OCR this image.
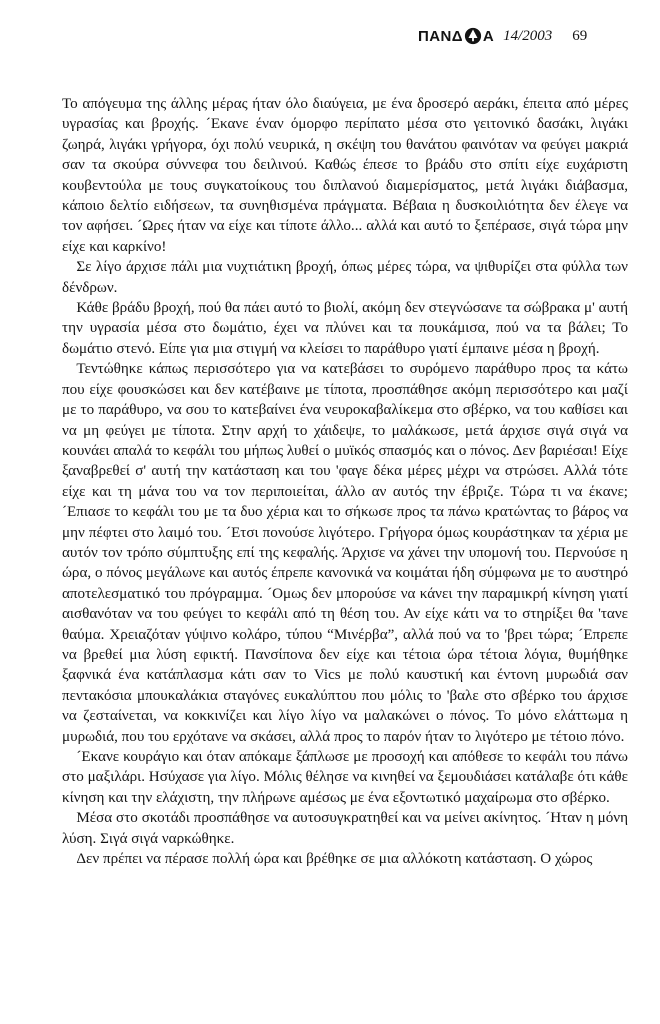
ΠΑΝΔ Α 14/2003 69

Το απόγευμα της άλλης μέρας ήταν όλο διαύγεια, με ένα δροσερό αεράκι, έπειτα από μέρες υγρασίας και βροχής. ´Εκανε έναν όμορφο περίπατο μέσα στο γειτονικό δασάκι, λιγάκι ζωηρά, λιγάκι γρήγορα, όχι πολύ νευρικά, η σκέψη του θανάτου φαινόταν να φεύγει μακριά σαν τα σκούρα σύννεφα του δειλινού. Καθώς έπεσε το βράδυ στο σπίτι είχε ευχάριστη κουβεντούλα με τους συγκατοίκους του διπλανού διαμερίσματος, μετά λιγάκι διάβασμα, κάποιο δελτίο ειδήσεων, τα συνηθισμένα πράγματα. Βέβαια η δυσκοιλιότητα δεν έλεγε να τον αφήσει. ´Ωρες ήταν να είχε και τίποτε άλλο... αλλά και αυτό το ξεπέρασε, σιγά τώρα μην είχε και καρκίνο!

Σε λίγο άρχισε πάλι μια νυχτιάτικη βροχή, όπως μέρες τώρα, να ψιθυρίζει στα φύλλα των δένδρων.

Κάθε βράδυ βροχή, πού θα πάει αυτό το βιολί, ακόμη δεν στεγνώσανε τα σώβρακα μ' αυτή την υγρασία μέσα στο δωμάτιο, έχει να πλύνει και τα πουκάμισα, πού να τα βάλει; Το δωμάτιο στενό. Είπε για μια στιγμή να κλείσει το παράθυρο γιατί έμπαινε μέσα η βροχή.

Τεντώθηκε κάπως περισσότερο για να κατεβάσει το συρόμενο παράθυρο προς τα κάτω που είχε φουσκώσει και δεν κατέβαινε με τίποτα, προσπάθησε ακόμη περισσότερο και μαζί με το παράθυρο, να σου το κατεβαίνει ένα νευροκαβαλίκεμα στο σβέρκο, να του καθίσει και να μη φεύγει με τίποτα. Στην αρχή το χάιδεψε, το μαλάκωσε, μετά άρχισε σιγά σιγά να κουνάει απαλά το κεφάλι του μήπως λυθεί ο μυϊκός σπασμός και ο πόνος. Δεν βαριέσαι! Είχε ξαναβρεθεί σ' αυτή την κατάσταση και του 'φαγε δέκα μέρες μέχρι να στρώσει. Αλλά τότε είχε και τη μάνα του να τον περιποιείται, άλλο αν αυτός την έβριζε. Τώρα τι να έκανε; ´Επιασε το κεφάλι του με τα δυο χέρια και το σήκωσε προς τα πάνω κρατώντας το βάρος να μην πέφτει στο λαιμό του. ´Ετσι πονούσε λιγότερο. Γρήγορα όμως κουράστηκαν τα χέρια με αυτόν τον τρόπο σύμπτυξης επί της κεφαλής. Άρχισε να χάνει την υπομονή του. Περνούσε η ώρα, ο πόνος μεγάλωνε και αυτός έπρεπε κανονικά να κοιμάται ήδη σύμφωνα με το αυστηρό αποτελεσματικό του πρόγραμμα. ´Ομως δεν μπορούσε να κάνει την παραμικρή κίνηση γιατί αισθανόταν να του φεύγει το κεφάλι από τη θέση του. Αν είχε κάτι να το στηρίξει θα 'τανε θαύμα. Χρειαζόταν γύψινο κολάρο, τύπου “Μινέρβα”, αλλά πού να το 'βρει τώρα; ´Επρεπε να βρεθεί μια λύση εφικτή. Πανσίπονα δεν είχε και τέτοια ώρα τέτοια λόγια, θυμήθηκε ξαφνικά ένα κατάπλασμα κάτι σαν το Vics με πολύ καυστική και έντονη μυρωδιά σαν πεντακόσια μπουκαλάκια σταγόνες ευκαλύπτου που μόλις το 'βαλε στο σβέρκο του άρχισε να ζεσταίνεται, να κοκκινίζει και λίγο λίγο να μαλακώνει ο πόνος. Το μόνο ελάττωμα η μυρωδιά, που του ερχότανε να σκάσει, αλλά προς το παρόν ήταν το λιγότερο με τέτοιο πόνο.

´Εκανε κουράγιο και όταν απόκαμε ξάπλωσε με προσοχή και απόθεσε το κεφάλι του πάνω στο μαξιλάρι. Ησύχασε για λίγο. Μόλις θέλησε να κινηθεί να ξεμουδιάσει κατάλαβε ότι κάθε κίνηση και την ελάχιστη, την πλήρωνε αμέσως με ένα εξοντωτικό μαχαίρωμα στο σβέρκο.

Μέσα στο σκοτάδι προσπάθησε να αυτοσυγκρατηθεί και να μείνει ακίνητος. ´Ηταν η μόνη λύση. Σιγά σιγά ναρκώθηκε.

Δεν πρέπει να πέρασε πολλή ώρα και βρέθηκε σε μια αλλόκοτη κατάσταση. Ο χώρος
